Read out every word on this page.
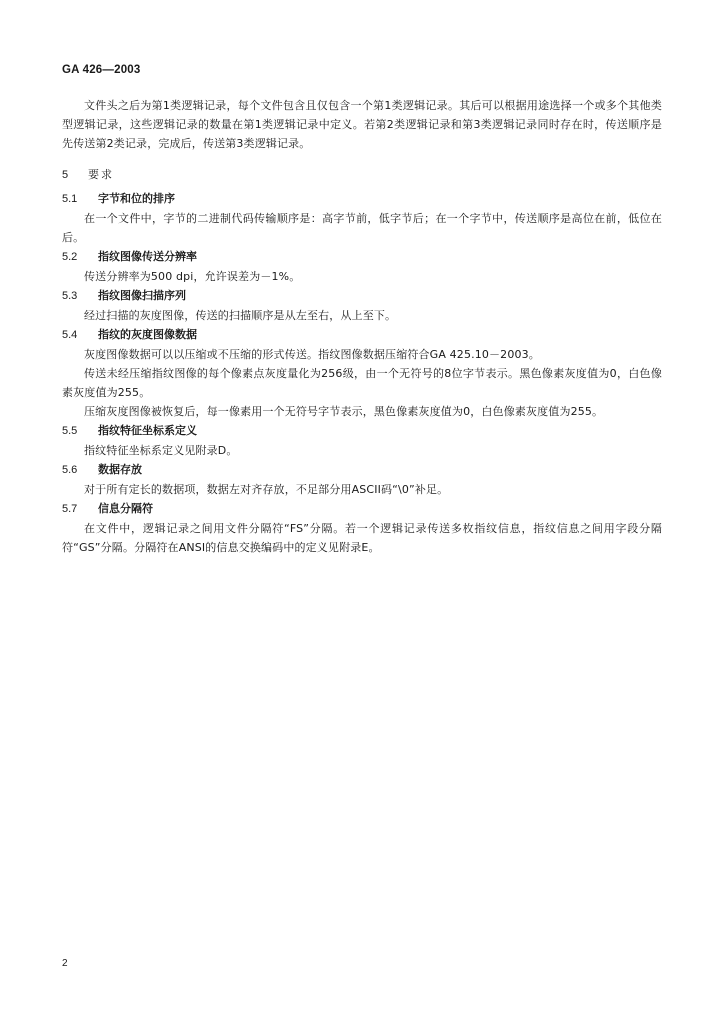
GA 426—2003

文件头之后为第1类逻辑记录，每个文件包含且仅包含一个第1类逻辑记录。其后可以根据用途选择一个或多个其他类型逻辑记录，这些逻辑记录的数量在第1类逻辑记录中定义。若第2类逻辑记录和第3类逻辑记录同时存在时，传送顺序是先传送第2类记录，完成后，传送第3类逻辑记录。

5	要求
5.1	字节和位的排序

在一个文件中，字节的二进制代码传输顺序是：高字节前，低字节后；在一个字节中，传送顺序是高位在前，低位在后。

5.2	指纹图像传送分辨率

传送分辨率为500 dpi，允许误差为－1%。

5.3	指纹图像扫描序列

经过扫描的灰度图像，传送的扫描顺序是从左至右，从上至下。

5.4	指纹的灰度图像数据

灰度图像数据可以以压缩或不压缩的形式传送。指纹图像数据压缩符合GA 425.10－2003。

传送未经压缩指纹图像的每个像素点灰度量化为256级，由一个无符号的8位字节表示。黑色像素灰度值为0，白色像素灰度值为255。

压缩灰度图像被恢复后，每一像素用一个无符号字节表示，黑色像素灰度值为0，白色像素灰度值为255。

5.5	指纹特征坐标系定义

指纹特征坐标系定义见附录D。

5.6	数据存放

对于所有定长的数据项，数据左对齐存放，不足部分用ASCII码“\0”补足。

5.7	信息分隔符

在文件中，逻辑记录之间用文件分隔符“FS”分隔。若一个逻辑记录传送多枚指纹信息，指纹信息之间用字段分隔符“GS”分隔。分隔符在ANSI的信息交换编码中的定义见附录E。

2
